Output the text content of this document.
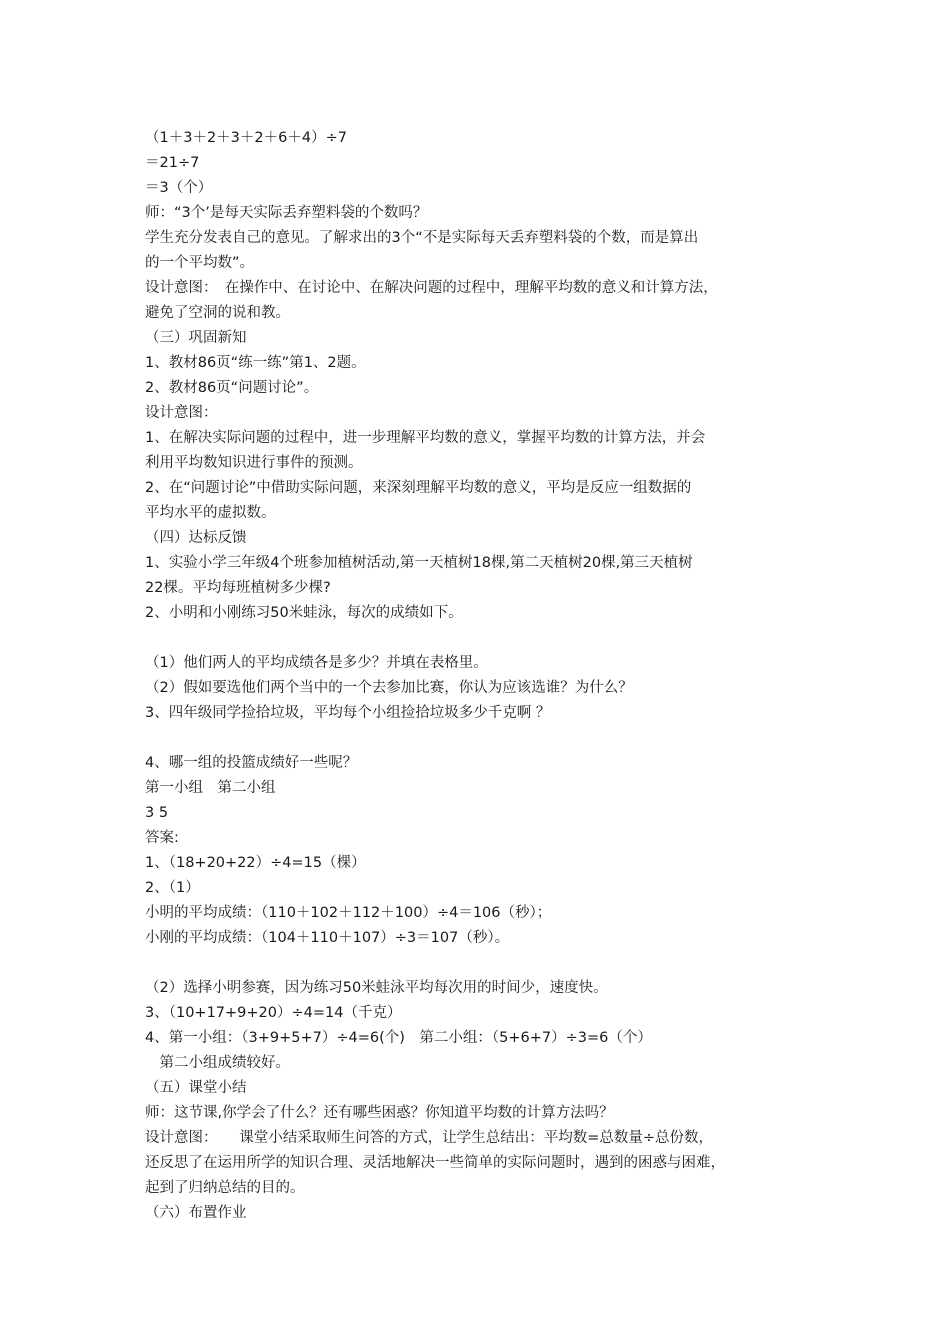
（1＋3＋2＋3＋2＋6＋4）÷7
＝21÷7
＝3（个）
师：“3个’是每天实际丢弃塑料袋的个数吗？
学生充分发表自己的意见。了解求出的3个“不是实际每天丢弃塑料袋的个数，而是算出
的一个平均数”。
设计意图：　在操作中、在讨论中、在解决问题的过程中，理解平均数的意义和计算方法，
避免了空洞的说和教。
（三）巩固新知
1、教材86页“练一练”第1、2题。
2、教材86页“问题讨论”。
设计意图：
1、在解决实际问题的过程中，进一步理解平均数的意义，掌握平均数的计算方法，并会
利用平均数知识进行事件的预测。
2、在“问题讨论”中借助实际问题，来深刻理解平均数的意义，平均是反应一组数据的
平均水平的虚拟数。
（四）达标反馈
1、实验小学三年级4个班参加植树活动,第一天植树18棵,第二天植树20棵,第三天植树
22棵。平均每班植树多少棵?
2、小明和小刚练习50米蛙泳，每次的成绩如下。
（1）他们两人的平均成绩各是多少？并填在表格里。
（2）假如要选他们两个当中的一个去参加比赛，你认为应该选谁？为什么？
3、四年级同学捡拾垃圾，平均每个小组捡拾垃圾多少千克啊 ？
4、哪一组的投篮成绩好一些呢？
第一小组　第二小组
3 5
答案:
1、（18+20+22）÷4=15（棵）
2、（1）
小明的平均成绩：（110＋102＋112＋100）÷4＝106（秒）；
小刚的平均成绩：（104＋110＋107）÷3＝107（秒）。
（2）选择小明参赛，因为练习50米蛙泳平均每次用的时间少，速度快。
3、（10+17+9+20）÷4=14（千克）
4、第一小组：（3+9+5+7）÷4=6(个)　第二小组：（5+6+7）÷3=6（个）
　第二小组成绩较好。
（五）课堂小结
师：这节课,你学会了什么？还有哪些困惑？你知道平均数的计算方法吗？
设计意图：　　课堂小结采取师生问答的方式，让学生总结出：平均数=总数量÷总份数，
还反思了在运用所学的知识合理、灵活地解决一些简单的实际问题时，遇到的困惑与困难，
起到了归纳总结的目的。
（六）布置作业
